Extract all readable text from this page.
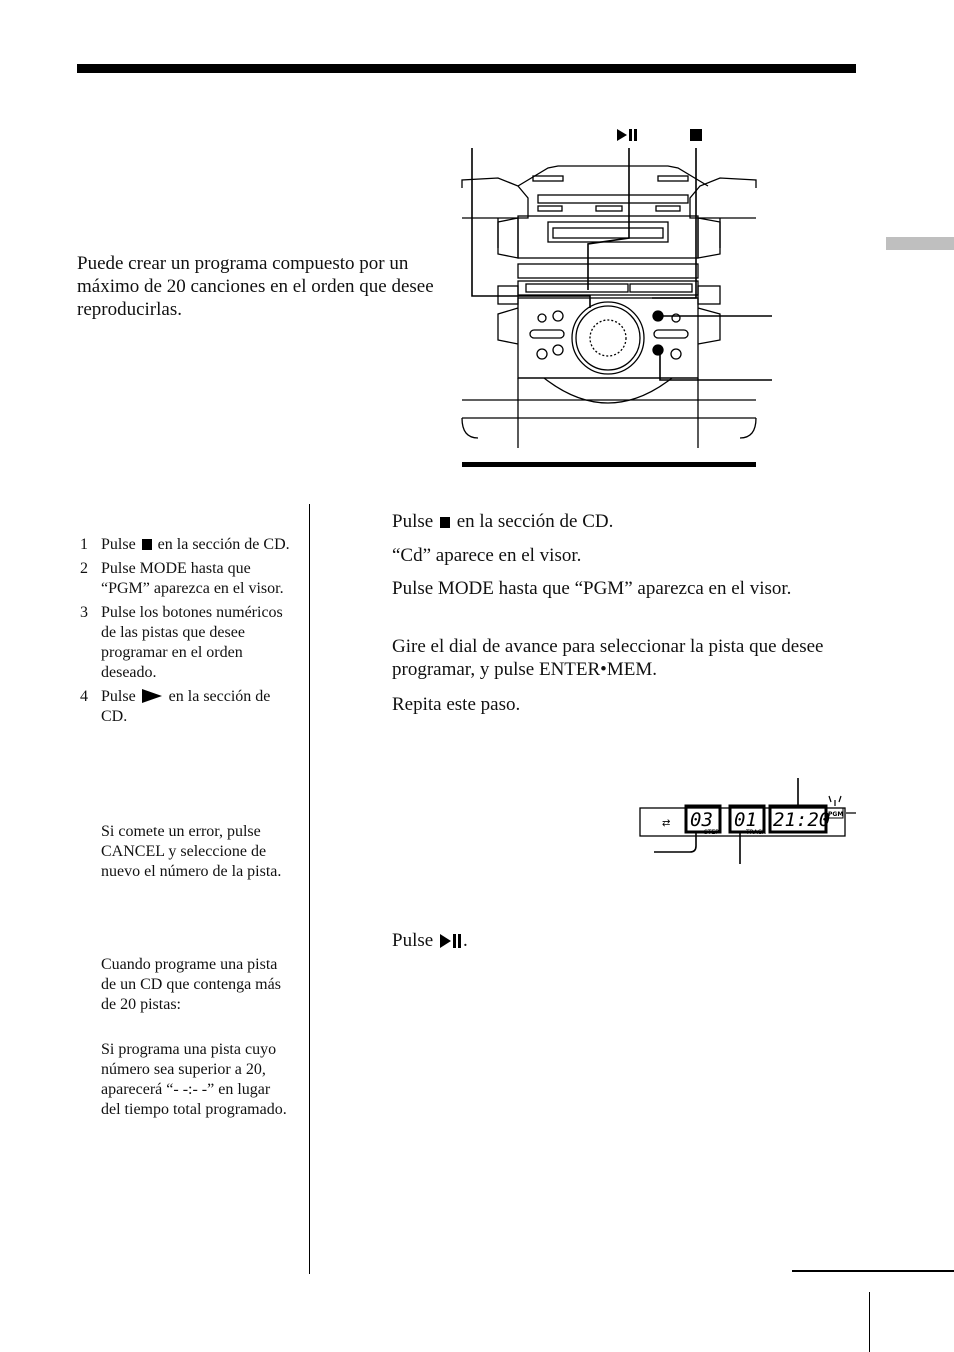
Puede crear un programa compuesto por un máximo de 20 canciones en el orden que desee reproducirlas.

1 Pulse en la sección de CD.
2 Pulse MODE hasta que “PGM” aparezca en el visor.
3 Pulse los botones numéricos de las pistas que desee programar en el orden deseado.
4 Pulse en la sección de CD.

Si comete un error, pulse CANCEL y seleccione de nuevo el número de la pista.

Cuando programe una pista de un CD que contenga más de 20 pistas:

Si programa una pista cuyo número sea superior a 20, aparecerá “- -:- -” en lugar del tiempo total programado.

Pulse en la sección de CD.

“Cd” aparece en el visor.

Pulse MODE hasta que “PGM” aparezca en el visor.

Gire el dial de avance para seleccionar la pista que desee programar, y pulse ENTER•MEM.

Repita este paso.

Pulse .

⇄ 03 01 21:20
STEP	TRACK
PGM
